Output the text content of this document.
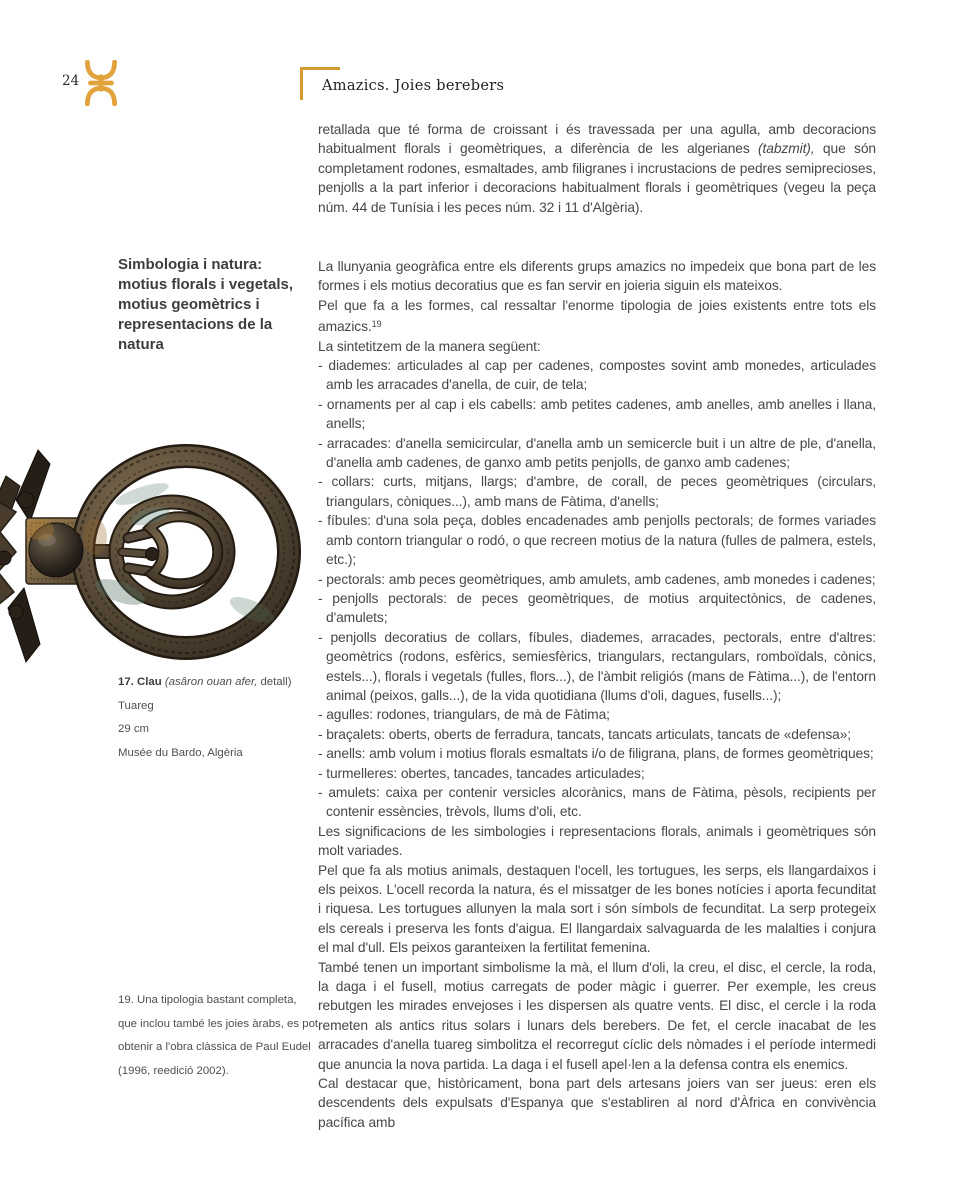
24	Amazics. Joies berebers
Simbologia i natura:
motius florals i vegetals,
motius geomètrics i
representacions de la
natura
17. Clau (asâron ouan afer, detall)
Tuareg
29 cm
Musée du Bardo, Algèria
retallada que té forma de croissant i és travessada per una agulla, amb decoracions habitualment florals i geomètriques, a diferència de les algerianes (tabzmit), que són completament rodones, esmaltades, amb filigranes i incrustacions de pedres semiprecioses, penjolls a la part inferior i decoracions habitualment florals i geomètriques (vegeu la peça núm. 44 de Tunísia i les peces núm. 32 i 11 d'Algèria).
La llunyania geogràfica entre els diferents grups amazics no impedeix que bona part de les formes i els motius decoratius que es fan servir en joieria siguin els mateixos.
Pel que fa a les formes, cal ressaltar l'enorme tipologia de joies existents entre tots els amazics.$^{19}$
La sintetitzem de la manera següent:
- diademes: articulades al cap per cadenes, compostes sovint amb monedes, articulades amb les arracades d'anella, de cuir, de tela;
- ornaments per al cap i els cabells: amb petites cadenes, amb anelles, amb anelles i llana, anells;
- arracades: d'anella semicircular, d'anella amb un semicercle buit i un altre de ple, d'anella, d'anella amb cadenes, de ganxo amb petits penjolls, de ganxo amb cadenes;
- collars: curts, mitjans, llargs; d'ambre, de corall, de peces geomètriques (circulars, triangulars, còniques...), amb mans de Fàtima, d'anells;
- fíbules: d'una sola peça, dobles encadenades amb penjolls pectorals; de formes variades amb contorn triangular o rodó, o que recreen motius de la natura (fulles de palmera, estels, etc.);
- pectorals: amb peces geomètriques, amb amulets, amb cadenes, amb monedes i cadenes;
- penjolls pectorals: de peces geomètriques, de motius arquitectònics, de cadenes, d'amulets;
- penjolls decoratius de collars, fíbules, diademes, arracades, pectorals, entre d'altres: geomètrics (rodons, esfèrics, semiesfèrics, triangulars, rectangulars, romboïdals, cònics, estels...), florals i vegetals (fulles, flors...), de l'àmbit religiós (mans de Fàtima...), de l'entorn animal (peixos, galls...), de la vida quotidiana (llums d'oli, dagues, fusells...);
- agulles: rodones, triangulars, de mà de Fàtima;
- braçalets: oberts, oberts de ferradura, tancats, tancats articulats, tancats de «defensa»;
- anells: amb volum i motius florals esmaltats i/o de filigrana, plans, de formes geomètriques;
- turmelleres: obertes, tancades, tancades articulades;
- amulets: caixa per contenir versicles alcorànics, mans de Fàtima, pèsols, recipients per contenir essències, trèvols, llums d'oli, etc.
Les significacions de les simbologies i representacions florals, animals i geomètriques són molt variades.
Pel que fa als motius animals, destaquen l'ocell, les tortugues, les serps, els llangardaixos i els peixos. L'ocell recorda la natura, és el missatger de les bones notícies i aporta fecunditat i riquesa. Les tortugues allunyen la mala sort i són símbols de fecunditat. La serp protegeix els cereals i preserva les fonts d'aigua. El llangardaix salvaguarda de les malalties i conjura el mal d'ull. Els peixos garanteixen la fertilitat femenina.
També tenen un important simbolisme la mà, el llum d'oli, la creu, el disc, el cercle, la roda, la daga i el fusell, motius carregats de poder màgic i guerrer. Per exemple, les creus rebutgen les mirades envejoses i les dispersen als quatre vents. El disc, el cercle i la roda remeten als antics ritus solars i lunars dels berebers. De fet, el cercle inacabat de les arracades d'anella tuareg simbolitza el recorregut cíclic dels nòmades i el període intermedi que anuncia la nova partida. La daga i el fusell apel·len a la defensa contra els enemics.
Cal destacar que, històricament, bona part dels artesans joiers van ser jueus: eren els descendents dels expulsats d'Espanya que s'establiren al nord d'Àfrica en convivència pacífica amb
19. Una tipologia bastant completa,
que inclou també les joies àrabs, es pot
obtenir a l'obra clàssica de Paul Eudel
(1996, reedició 2002).
